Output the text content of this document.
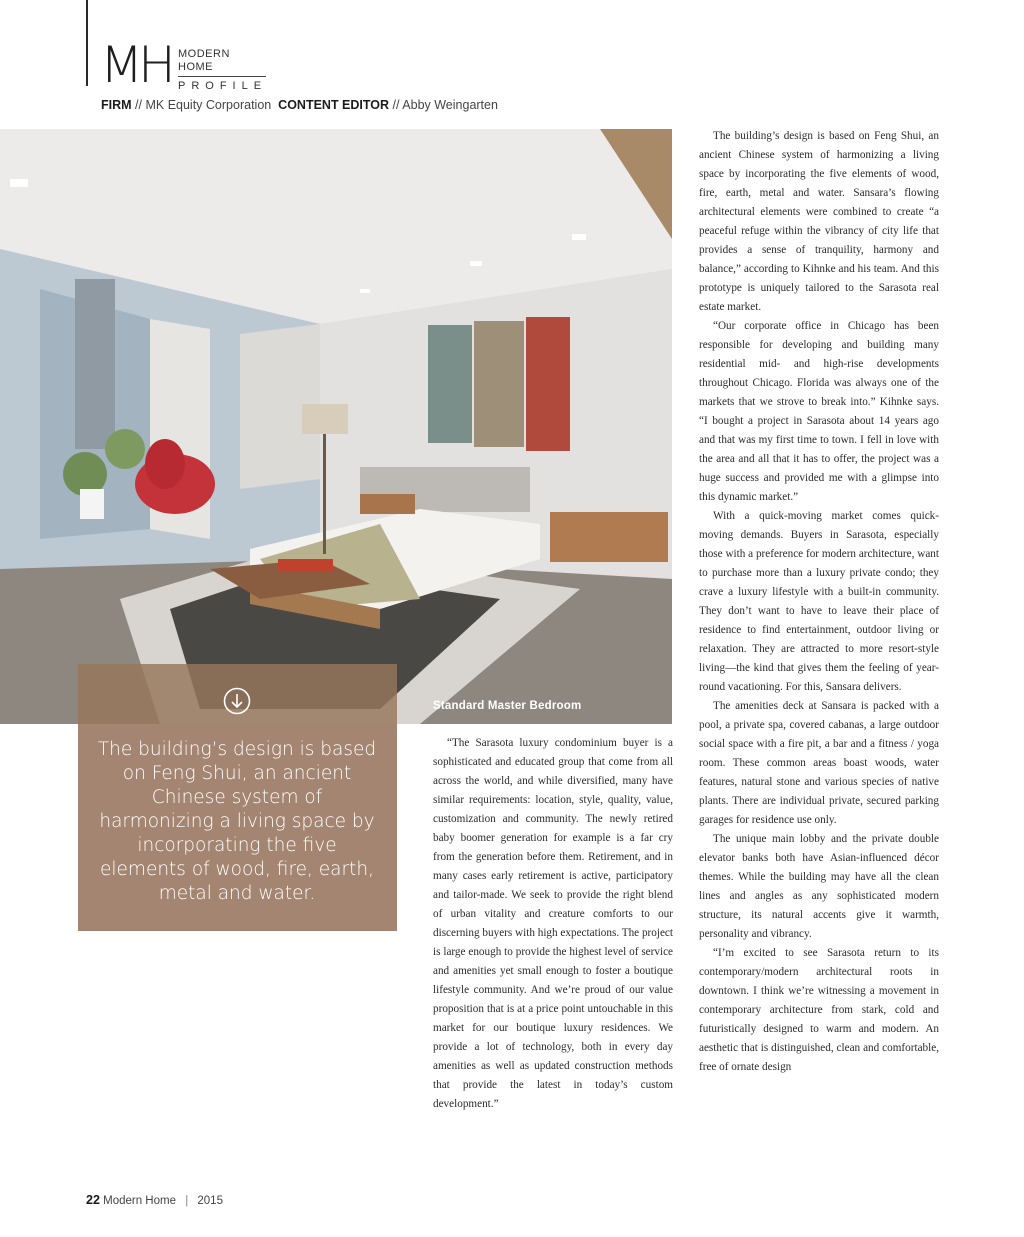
MH MODERN HOME
PROFILE
FIRM // MK Equity Corporation CONTENT EDITOR // Abby Weingarten
Standard Master Bedroom
The building’s design is based on Feng Shui, an ancient Chinese system of harmonizing a living space by incorporating the five elements of wood, fire, earth, metal and water.

“The Sarasota luxury condominium buyer is a sophisticated and educated group that come from all across the world, and while diversified, many have similar requirements: location, style, quality, value, customization and community. The newly retired baby boomer generation for example is a far cry from the generation before them. Retirement, and in many cases early retirement is active, participatory and tailor-made. We seek to provide the right blend of urban vitality and creature comforts to our discerning buyers with high expectations. The project is large enough to provide the highest level of service and amenities yet small enough to foster a boutique lifestyle community. And we’re proud of our value proposition that is at a price point untouchable in this market for our boutique luxury residences. We provide a lot of technology, both in every day amenities as well as updated construction methods that provide the latest in today’s custom development.”

The building’s design is based on Feng Shui, an ancient Chinese system of harmonizing a living space by incorporating the five elements of wood, fire, earth, metal and water. Sansara’s flowing architectural elements were combined to create “a peaceful refuge within the vibrancy of city life that provides a sense of tranquility, harmony and balance,” according to Kihnke and his team. And this prototype is uniquely tailored to the Sarasota real estate market.

“Our corporate office in Chicago has been responsible for developing and building many residential mid- and high-rise developments throughout Chicago. Florida was always one of the markets that we strove to break into.” Kihnke says. “I bought a project in Sarasota about 14 years ago and that was my first time to town. I fell in love with the area and all that it has to offer, the project was a huge success and provided me with a glimpse into this dynamic market.”

With a quick-moving market comes quick-moving demands. Buyers in Sarasota, especially those with a preference for modern architecture, want to purchase more than a luxury private condo; they crave a luxury lifestyle with a built-in community. They don’t want to have to leave their place of residence to find entertainment, outdoor living or relaxation. They are attracted to more resort-style living—the kind that gives them the feeling of year-round vacationing. For this, Sansara delivers.

The amenities deck at Sansara is packed with a pool, a private spa, covered cabanas, a large outdoor social space with a fire pit, a bar and a fitness / yoga room. These common areas boast woods, water features, natural stone and various species of native plants. There are individual private, secured parking garages for residence use only.

The unique main lobby and the private double elevator banks both have Asian-influenced décor themes. While the building may have all the clean lines and angles as any sophisticated modern structure, its natural accents give it warmth, personality and vibrancy.

“I’m excited to see Sarasota return to its contemporary/modern architectural roots in downtown. I think we’re witnessing a movement in contemporary architecture from stark, cold and futuristically designed to warm and modern. An aesthetic that is distinguished, clean and comfortable, free of ornate design

22 Modern Home | 2015
